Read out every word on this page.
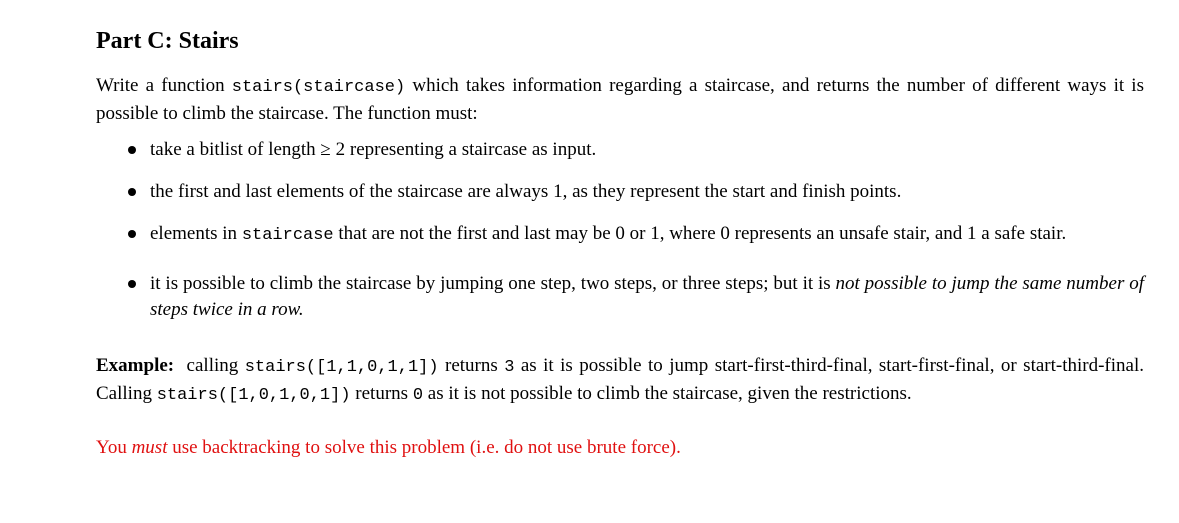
Part C: Stairs

Write a function stairs(staircase) which takes information regarding a staircase, and returns the number of different ways it is possible to climb the staircase. The function must:

take a bitlist of length ≥ 2 representing a staircase as input.
the first and last elements of the staircase are always 1, as they represent the start and finish points.
elements in staircase that are not the first and last may be 0 or 1, where 0 represents an unsafe stair, and 1 a safe stair.
it is possible to climb the staircase by jumping one step, two steps, or three steps; but it is not possible to jump the same number of steps twice in a row.

Example: calling stairs([1,1,0,1,1]) returns 3 as it is possible to jump start-first-third-final, start-first-final, or start-third-final. Calling stairs([1,0,1,0,1]) returns 0 as it is not possible to climb the staircase, given the restrictions.

You must use backtracking to solve this problem (i.e. do not use brute force).
